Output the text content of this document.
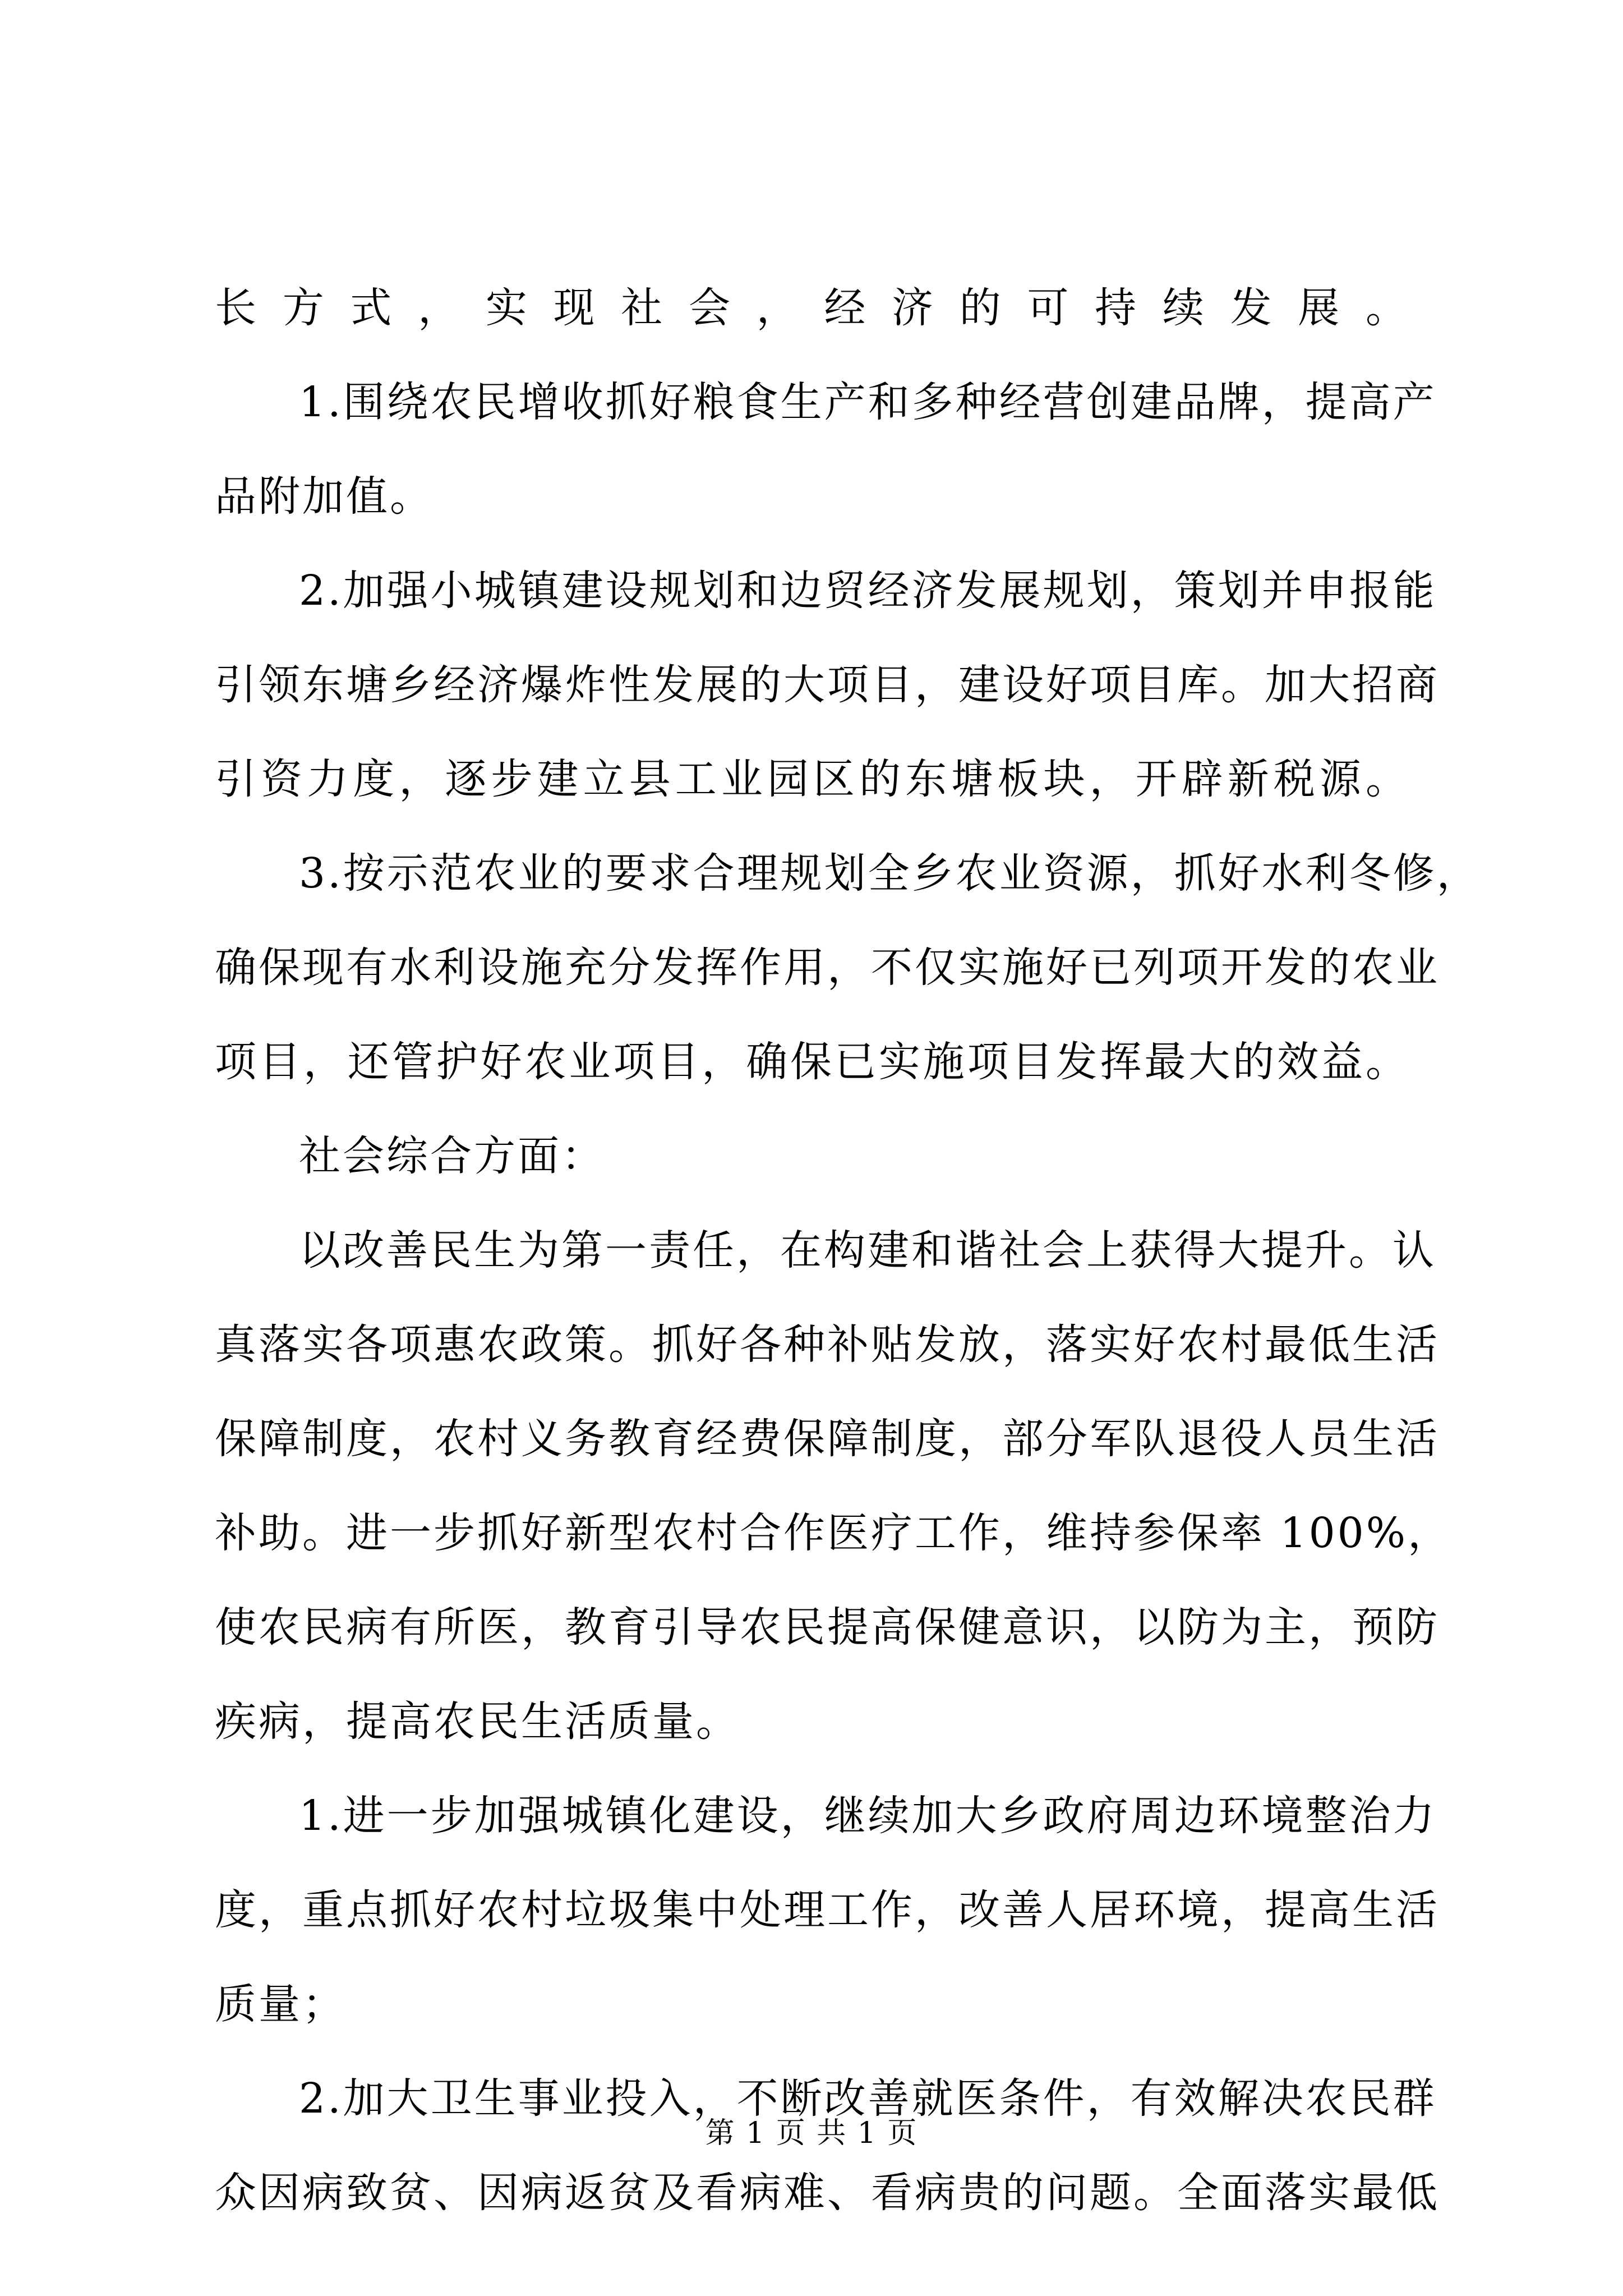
长方式，实现社会，经济的可持续发展。
1.围绕农民增收抓好粮食生产和多种经营创建品牌，提高产
品附加值。
2.加强小城镇建设规划和边贸经济发展规划，策划并申报能
引领东塘乡经济爆炸性发展的大项目，建设好项目库。加大招商
引资力度，逐步建立县工业园区的东塘板块，开辟新税源。
3.按示范农业的要求合理规划全乡农业资源，抓好水利冬修，
确保现有水利设施充分发挥作用，不仅实施好已列项开发的农业
项目，还管护好农业项目，确保已实施项目发挥最大的效益。
社会综合方面：
以改善民生为第一责任，在构建和谐社会上获得大提升。认
真落实各项惠农政策。抓好各种补贴发放，落实好农村最低生活
保障制度，农村义务教育经费保障制度，部分军队退役人员生活
补助。进一步抓好新型农村合作医疗工作，维持参保率 100%，
使农民病有所医，教育引导农民提高保健意识，以防为主，预防
疾病，提高农民生活质量。
1.进一步加强城镇化建设，继续加大乡政府周边环境整治力
度，重点抓好农村垃圾集中处理工作，改善人居环境，提高生活
质量；
2.加大卫生事业投入，不断改善就医条件，有效解决农民群
众因病致贫、因病返贫及看病难、看病贵的问题。全面落实最低
第 1 页 共 1 页
